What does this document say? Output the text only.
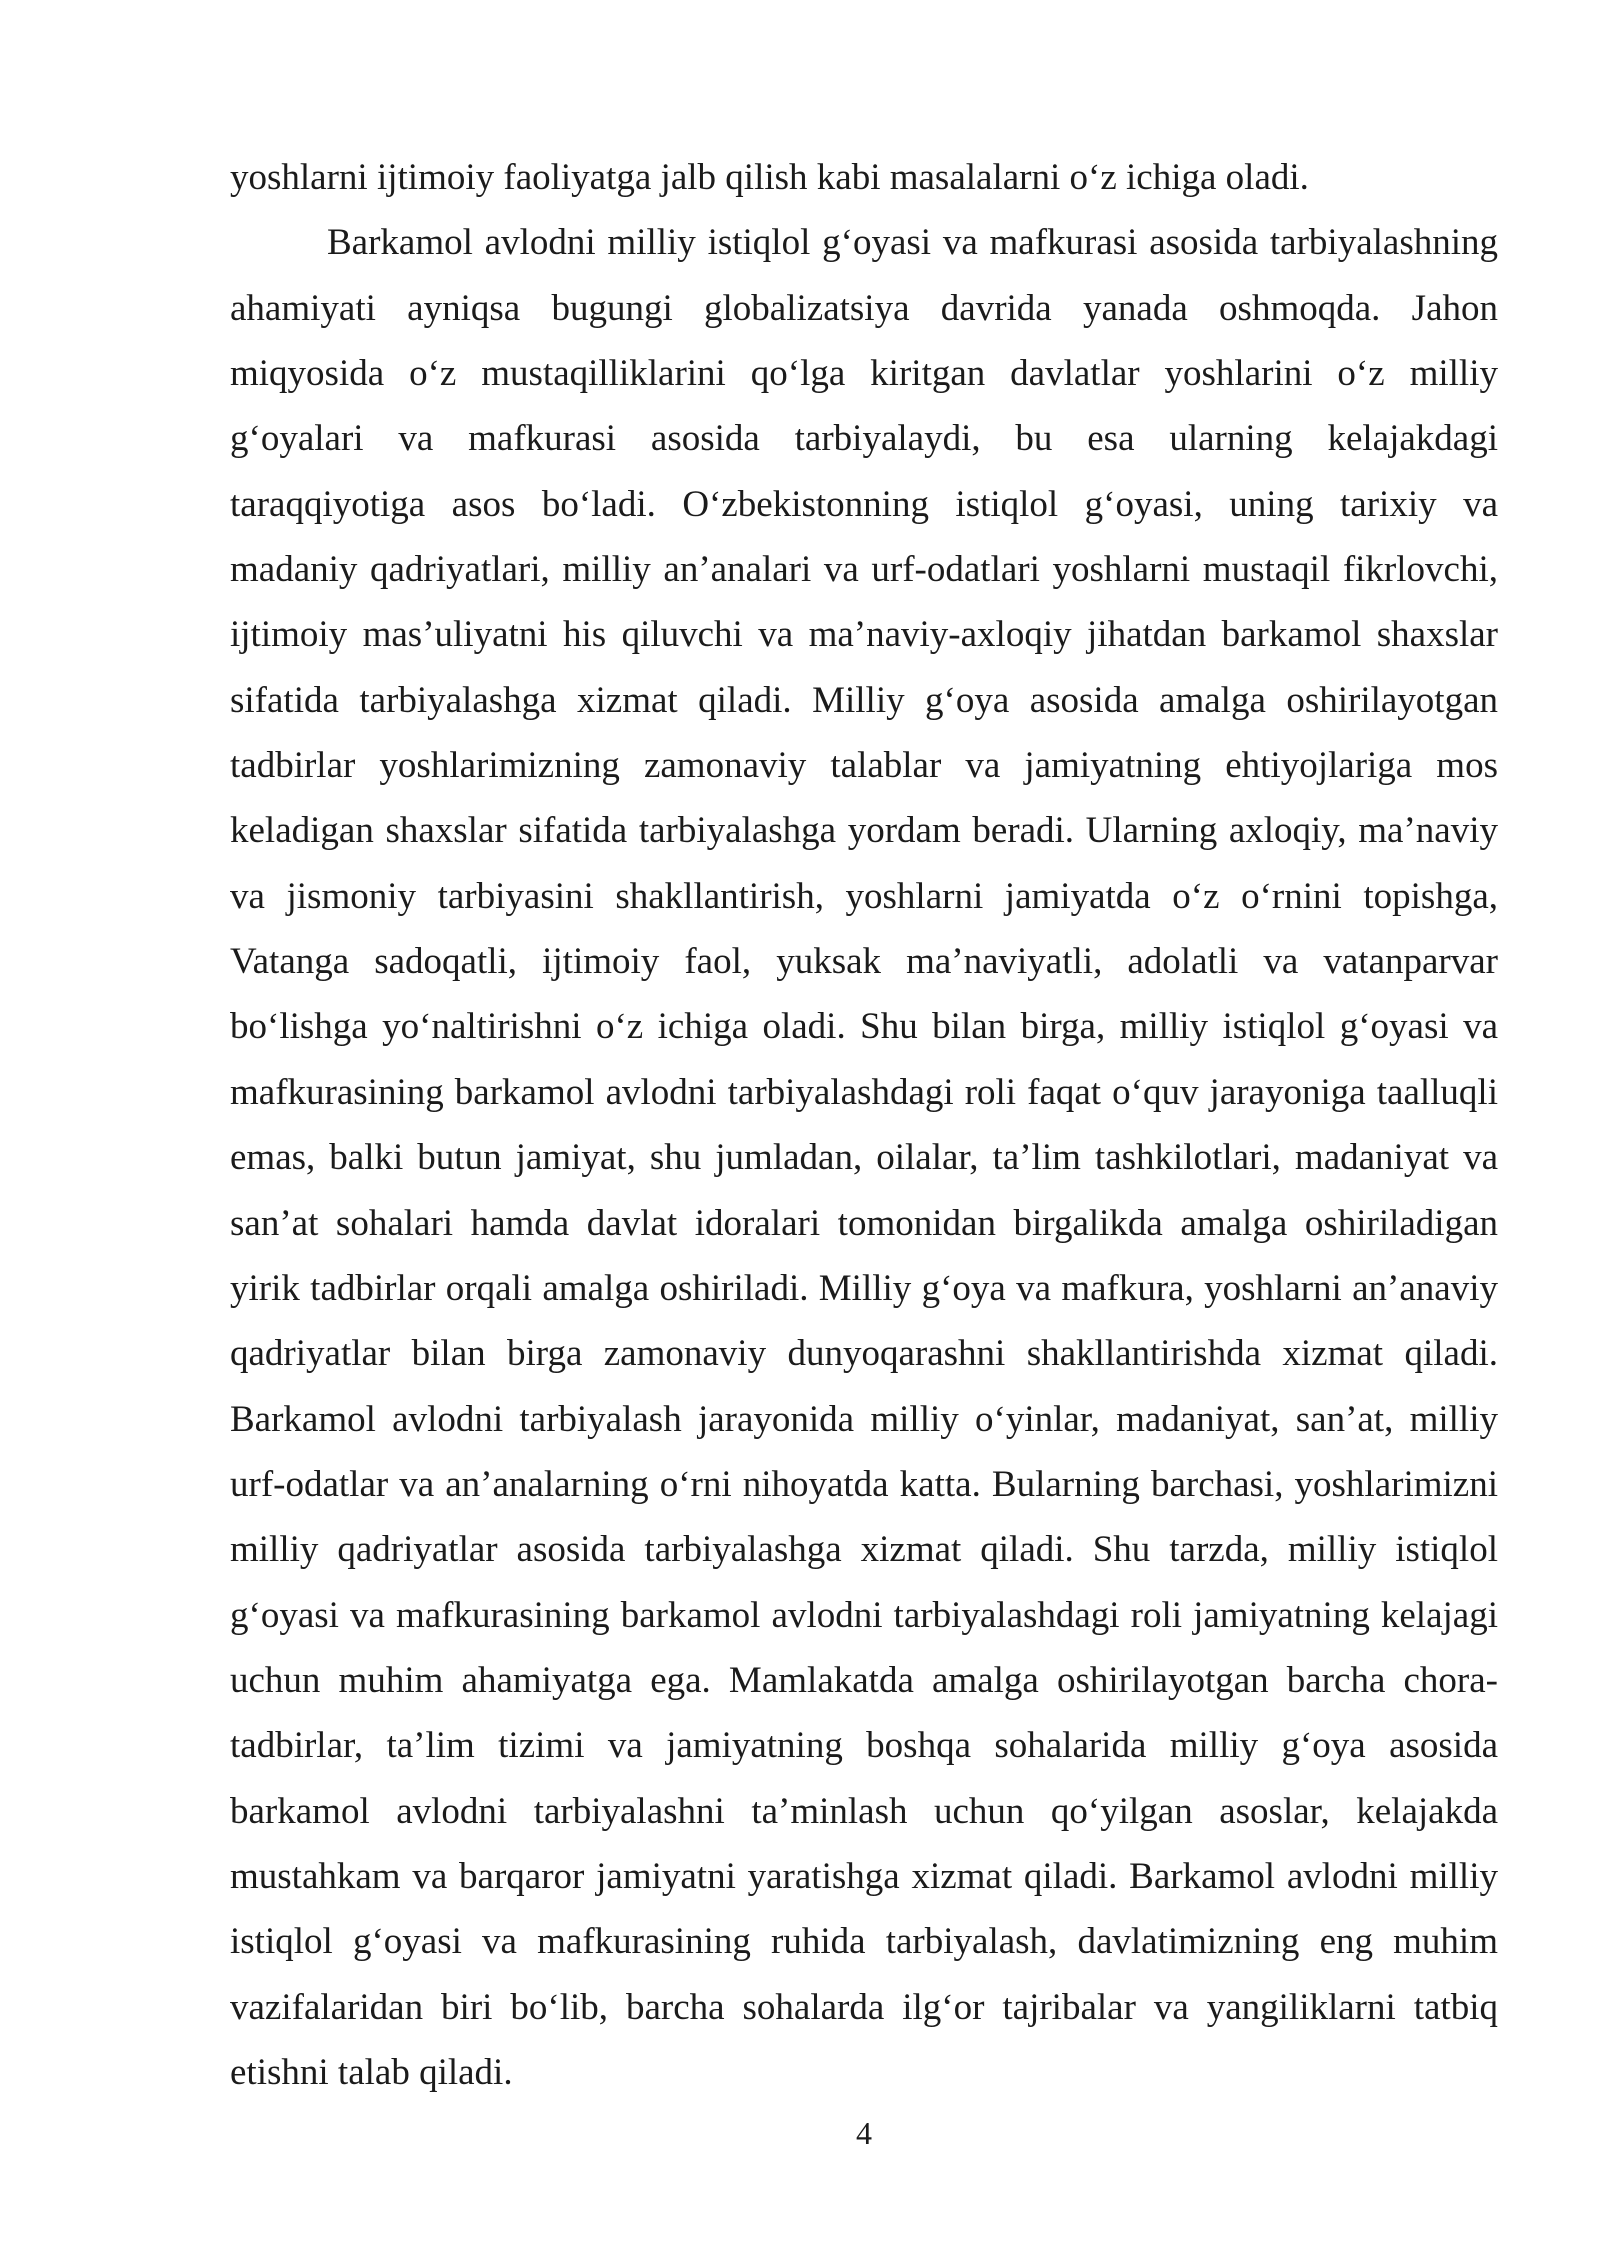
yoshlarni ijtimoiy faoliyatga jalb qilish kabi masalalarni o‘z ichiga oladi.

Barkamol avlodni milliy istiqlol g‘oyasi va mafkurasi asosida tarbiyalashning
ahamiyati ayniqsa bugungi globalizatsiya davrida yanada oshmoqda. Jahon
miqyosida o‘z mustaqilliklarini qo‘lga kiritgan davlatlar yoshlarini o‘z milliy
g‘oyalari va mafkurasi asosida tarbiyalaydi, bu esa ularning kelajakdagi
taraqqiyotiga asos bo‘ladi. O‘zbekistonning istiqlol g‘oyasi, uning tarixiy va
madaniy qadriyatlari, milliy an’analari va urf-odatlari yoshlarni mustaqil fikrlovchi,
ijtimoiy mas’uliyatni his qiluvchi va ma’naviy-axloqiy jihatdan barkamol shaxslar
sifatida tarbiyalashga xizmat qiladi. Milliy g‘oya asosida amalga oshirilayotgan
tadbirlar yoshlarimizning zamonaviy talablar va jamiyatning ehtiyojlariga mos
keladigan shaxslar sifatida tarbiyalashga yordam beradi. Ularning axloqiy, ma’naviy
va jismoniy tarbiyasini shakllantirish, yoshlarni jamiyatda o‘z o‘rnini topishga,
Vatanga sadoqatli, ijtimoiy faol, yuksak ma’naviyatli, adolatli va vatanparvar
bo‘lishga yo‘naltirishni o‘z ichiga oladi. Shu bilan birga, milliy istiqlol g‘oyasi va
mafkurasining barkamol avlodni tarbiyalashdagi roli faqat o‘quv jarayoniga taalluqli
emas, balki butun jamiyat, shu jumladan, oilalar, ta’lim tashkilotlari, madaniyat va
san’at sohalari hamda davlat idoralari tomonidan birgalikda amalga oshiriladigan
yirik tadbirlar orqali amalga oshiriladi. Milliy g‘oya va mafkura, yoshlarni an’anaviy
qadriyatlar bilan birga zamonaviy dunyoqarashni shakllantirishda xizmat qiladi.
Barkamol avlodni tarbiyalash jarayonida milliy o‘yinlar, madaniyat, san’at, milliy
urf-odatlar va an’analarning o‘rni nihoyatda katta. Bularning barchasi, yoshlarimizni
milliy qadriyatlar asosida tarbiyalashga xizmat qiladi. Shu tarzda, milliy istiqlol
g‘oyasi va mafkurasining barkamol avlodni tarbiyalashdagi roli jamiyatning kelajagi
uchun muhim ahamiyatga ega. Mamlakatda amalga oshirilayotgan barcha chora-
tadbirlar, ta’lim tizimi va jamiyatning boshqa sohalarida milliy g‘oya asosida
barkamol avlodni tarbiyalashni ta’minlash uchun qo‘yilgan asoslar, kelajakda
mustahkam va barqaror jamiyatni yaratishga xizmat qiladi. Barkamol avlodni milliy
istiqlol g‘oyasi va mafkurasining ruhida tarbiyalash, davlatimizning eng muhim
vazifalaridan biri bo‘lib, barcha sohalarda ilg‘or tajribalar va yangiliklarni tatbiq
etishni talab qiladi.

4
